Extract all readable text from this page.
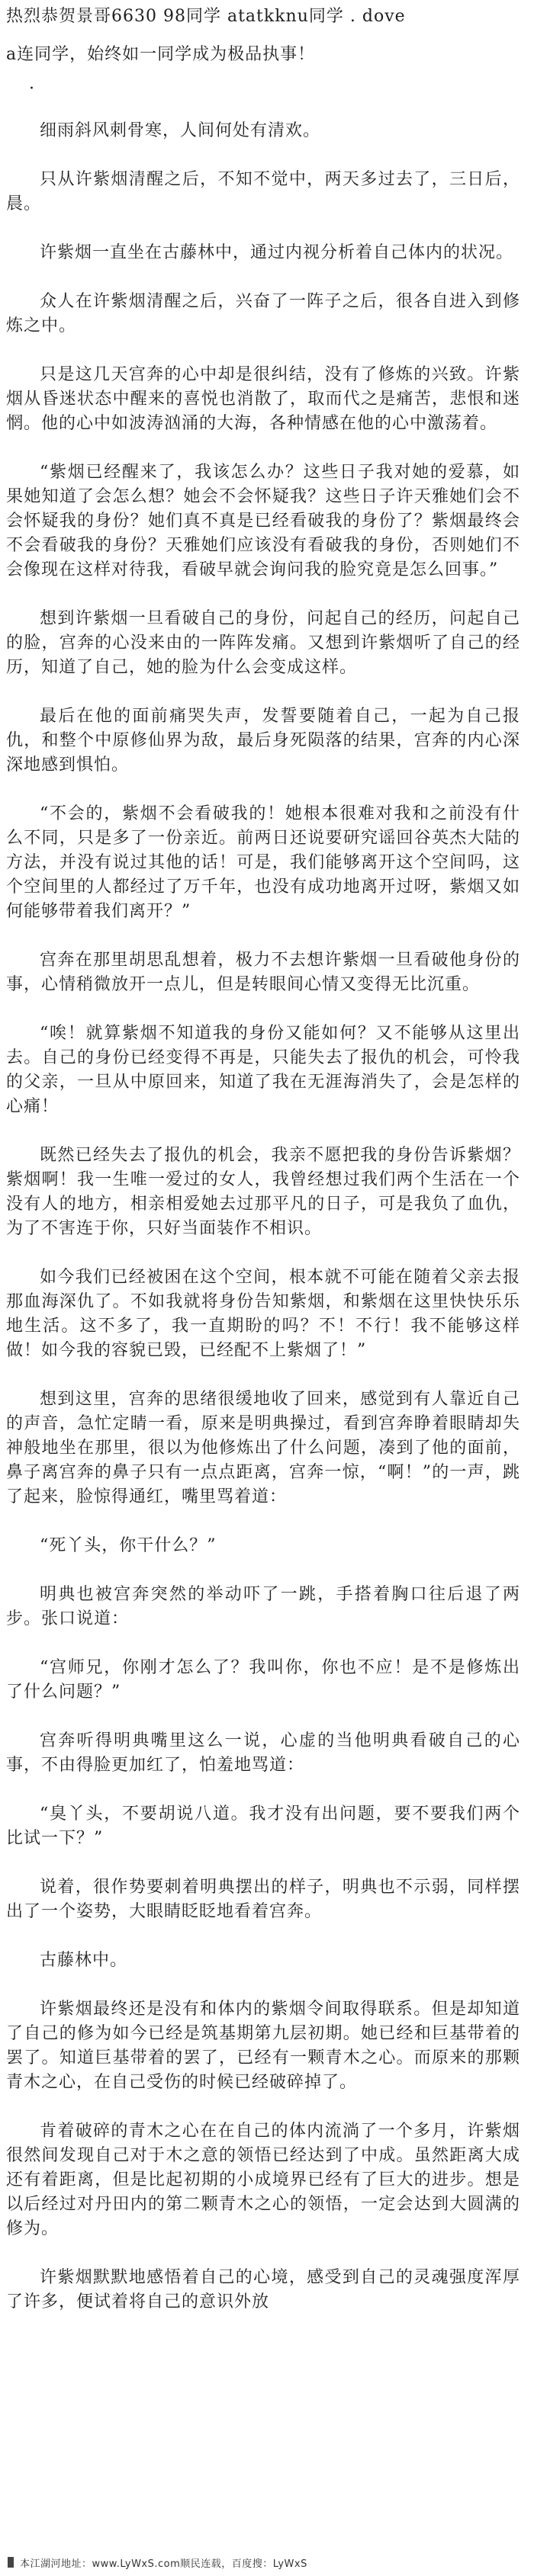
热烈恭贺景哥6630 98同学 atatkknu同学 . dove

a连同学，始终如一同学成为极品执事！

·

细雨斜风刺骨寒，人间何处有清欢。

只从许紫烟清醒之后，不知不觉中，两天多过去了，三日后，晨。

许紫烟一直坐在古藤林中，通过内视分析着自己体内的状况。

众人在许紫烟清醒之后，兴奋了一阵子之后，很各自进入到修炼之中。

只是这几天宫奔的心中却是很纠结，没有了修炼的兴致。许紫烟从昏迷状态中醒来的喜悦也消散了，取而代之是痛苦，悲恨和迷惘。他的心中如波涛汹涌的大海，各种情感在他的心中激荡着。

“紫烟已经醒来了，我该怎么办？这些日子我对她的爱慕，如果她知道了会怎么想？她会不会怀疑我？这些日子许天雅她们会不会怀疑我的身份？她们真不真是已经看破我的身份了？紫烟最终会不会看破我的身份？天雅她们应该没有看破我的身份，否则她们不会像现在这样对待我，看破早就会询问我的脸究竟是怎么回事。”

想到许紫烟一旦看破自己的身份，问起自己的经历，问起自己的脸，宫奔的心没来由的一阵阵发痛。又想到许紫烟听了自己的经历，知道了自己，她的脸为什么会变成这样。

最后在他的面前痛哭失声，发誓要随着自己，一起为自己报仇，和整个中原修仙界为敌，最后身死陨落的结果，宫奔的内心深深地感到惧怕。

“不会的，紫烟不会看破我的！她根本很难对我和之前没有什么不同，只是多了一份亲近。前两日还说要研究谣回谷英杰大陆的方法，并没有说过其他的话！可是，我们能够离开这个空间吗，这个空间里的人都经过了万千年，也没有成功地离开过呀，紫烟又如何能够带着我们离开？”

宫奔在那里胡思乱想着，极力不去想许紫烟一旦看破他身份的事，心情稍微放开一点儿，但是转眼间心情又变得无比沉重。

“唉！就算紫烟不知道我的身份又能如何？又不能够从这里出去。自己的身份已经变得不再是，只能失去了报仇的机会，可怜我的父亲，一旦从中原回来，知道了我在无涯海消失了，会是怎样的心痛！

既然已经失去了报仇的机会，我亲不愿把我的身份告诉紫烟？紫烟啊！我一生唯一爱过的女人，我曾经想过我们两个生活在一个没有人的地方，相亲相爱她去过那平凡的日子，可是我负了血仇，为了不害连于你，只好当面装作不相识。

如今我们已经被困在这个空间，根本就不可能在随着父亲去报那血海深仇了。不如我就将身份告知紫烟，和紫烟在这里快快乐乐地生活。这不多了，我一直期盼的吗？不！不行！我不能够这样做！如今我的容貌已毁，已经配不上紫烟了！”

想到这里，宫奔的思绪很缓地收了回来，感觉到有人靠近自己的声音，急忙定睛一看，原来是明典操过，看到宫奔睁着眼睛却失神般地坐在那里，很以为他修炼出了什么问题，凑到了他的面前，鼻子离宫奔的鼻子只有一点点距离，宫奔一惊，“啊！”的一声，跳了起来，脸惊得通红，嘴里骂着道：

“死丫头，你干什么？”

明典也被宫奔突然的举动吓了一跳，手搭着胸口往后退了两步。张口说道：

“宫师兄，你刚才怎么了？我叫你，你也不应！是不是修炼出了什么问题？”

宫奔听得明典嘴里这么一说，心虚的当他明典看破自己的心事，不由得脸更加红了，怕羞地骂道：

“臭丫头，不要胡说八道。我才没有出问题，要不要我们两个比试一下？”

说着，很作势要刺着明典摆出的样子，明典也不示弱，同样摆出了一个姿势，大眼睛眨眨地看着宫奔。

古藤林中。

许紫烟最终还是没有和体内的紫烟令间取得联系。但是却知道了自己的修为如今已经是筑基期第九层初期。她已经和巨基带着的罢了。知道巨基带着的罢了，已经有一颗青木之心。而原来的那颗青木之心，在自己受伤的时候已经破碎掉了。

肯着破碎的青木之心在在自己的体内流淌了一个多月，许紫烟很然间发现自己对于木之意的领悟已经达到了中成。虽然距离大成还有着距离，但是比起初期的小成境界已经有了巨大的进步。想是以后经过对丹田内的第二颗青木之心的领悟，一定会达到大圆满的修为。

许紫烟默默地感悟着自己的心境，感受到自己的灵魂强度浑厚了许多，便试着将自己的意识外放

本江湖河地址：www.LyWxS.com顺民连载，百度搜：LyWxS
